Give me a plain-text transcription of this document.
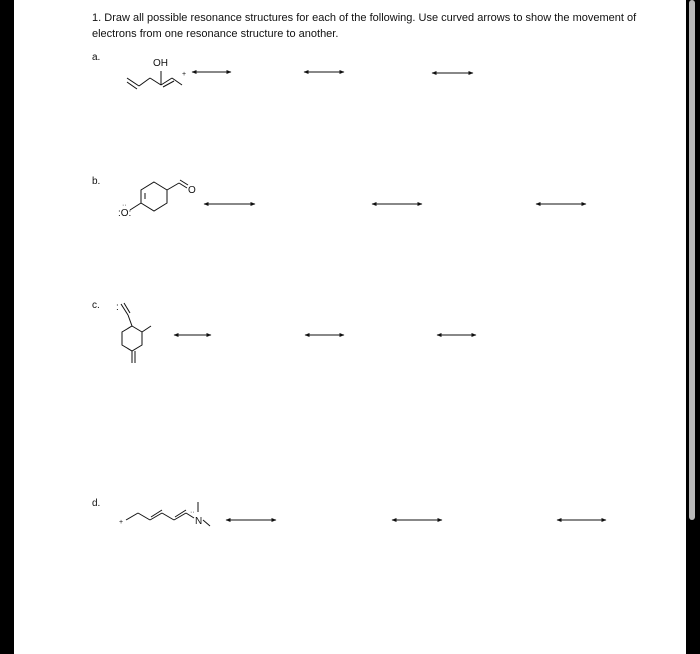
1. Draw all possible resonance structures for each of the following. Use curved arrows to show the movement of electrons from one resonance structure to another.
a.
b.
c.
d.
OH
+
O
:O:
··
:
N
+
··
